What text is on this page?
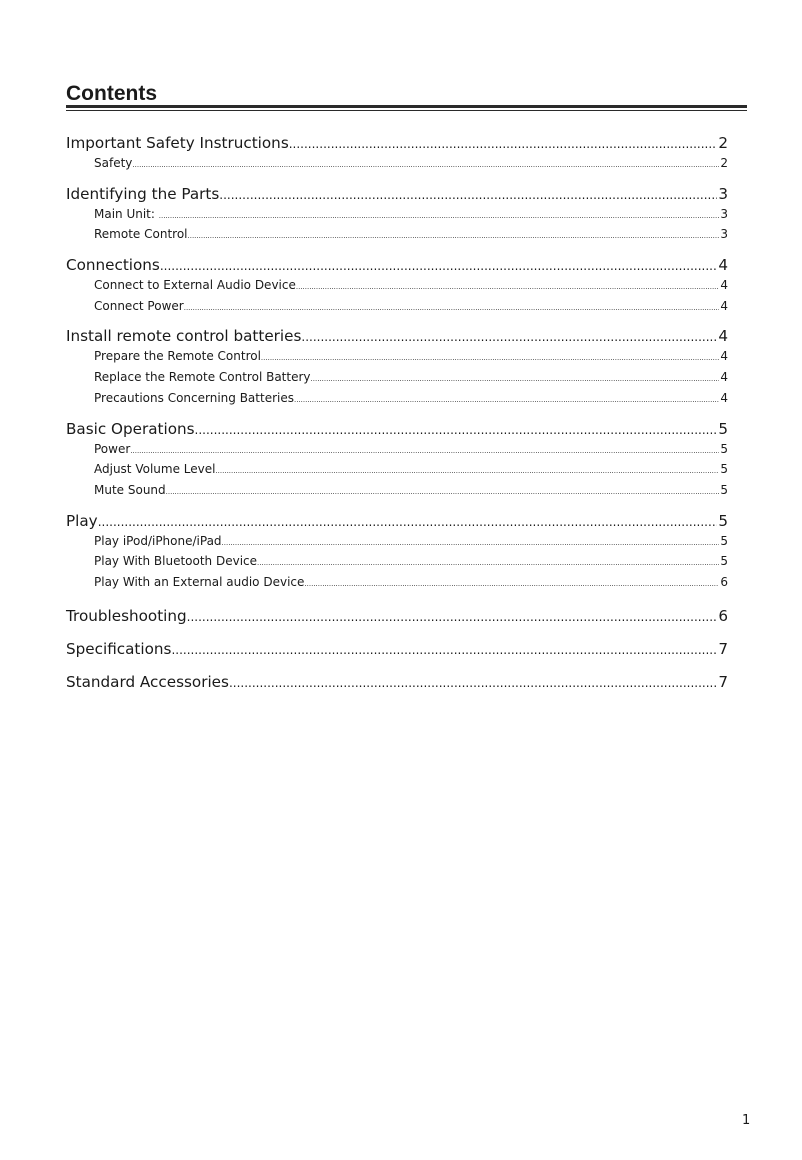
Contents
Important Safety Instructions .....	2
Safety .....	2
Identifying the Parts .....	3
Main Unit: .....	3
Remote Control .....	3
Connections .....	4
Connect to External Audio Device .....	4
Connect Power .....	4
Install remote control batteries .....	4
Prepare the Remote Control .....	4
Replace the Remote Control Battery .....	4
Precautions Concerning Batteries .....	4
Basic Operations .....	5
Power .....	5
Adjust Volume Level .....	5
Mute Sound .....	5
Play .....	5
Play iPod/iPhone/iPad .....	5
Play With Bluetooth Device .....	5
Play With an External audio Device .....	6
Troubleshooting .....	6
Specifications .....	7
Standard Accessories .....	7
1
